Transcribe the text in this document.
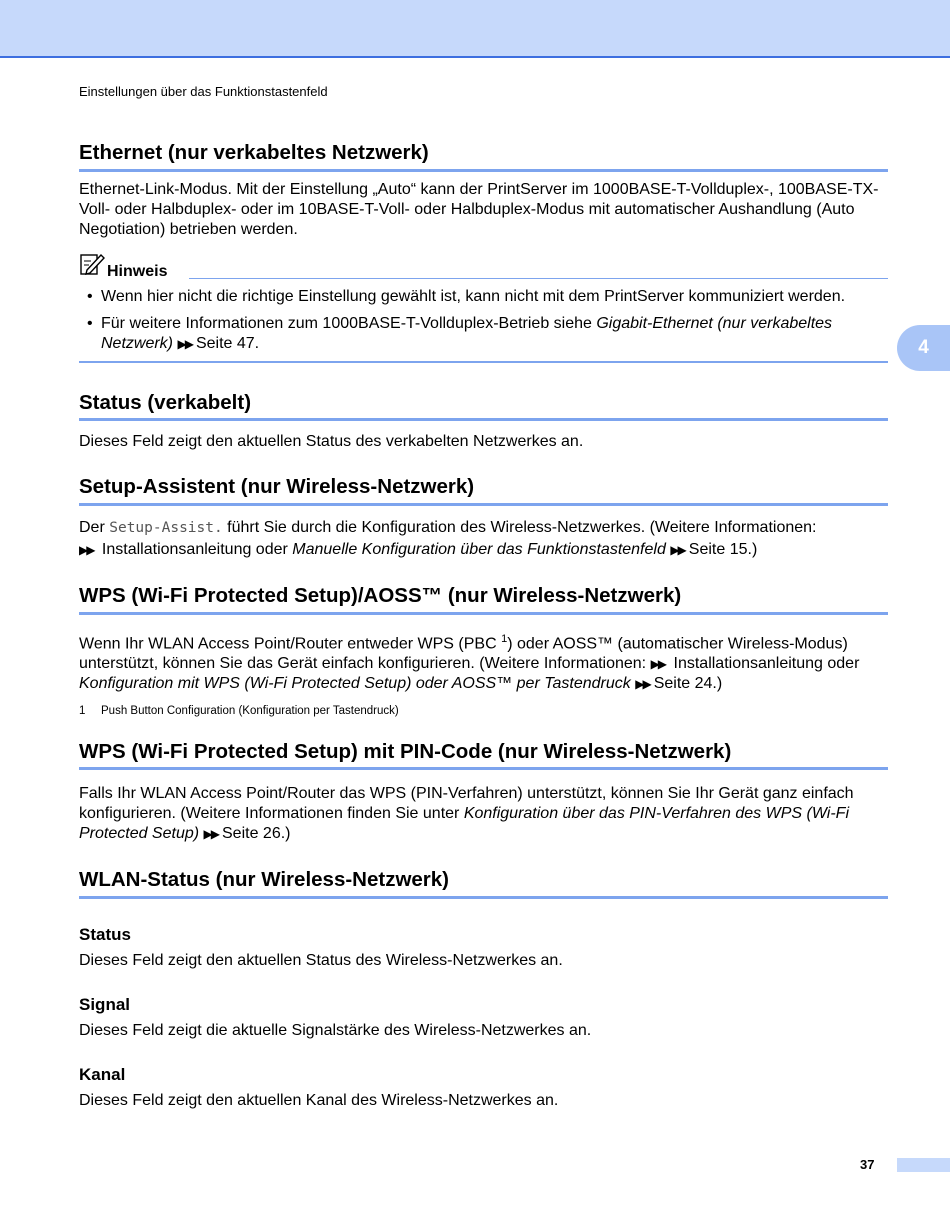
Einstellungen über das Funktionstastenfeld
4
Ethernet (nur verkabeltes Netzwerk)

Ethernet-Link-Modus. Mit der Einstellung „Auto“ kann der PrintServer im 1000BASE-T-Vollduplex-, 100BASE-TX-Voll- oder Halbduplex- oder im 10BASE-T-Voll- oder Halbduplex-Modus mit automatischer Aushandlung (Auto Negotiation) betrieben werden.

Hinweis
• Wenn hier nicht die richtige Einstellung gewählt ist, kann nicht mit dem PrintServer kommuniziert werden.
• Für weitere Informationen zum 1000BASE-T-Vollduplex-Betrieb siehe Gigabit-Ethernet (nur verkabeltes Netzwerk) ▶▶ Seite 47.
Status (verkabelt)

Dieses Feld zeigt den aktuellen Status des verkabelten Netzwerkes an.

Setup-Assistent (nur Wireless-Netzwerk)

Der Setup-Assist. führt Sie durch die Konfiguration des Wireless-Netzwerkes. (Weitere Informationen:
▶▶ Installationsanleitung oder Manuelle Konfiguration über das Funktionstastenfeld ▶▶ Seite 15.)

WPS (Wi-Fi Protected Setup)/AOSS™ (nur Wireless-Netzwerk)

Wenn Ihr WLAN Access Point/Router entweder WPS (PBC $^1$) oder AOSS™ (automatischer Wireless-Modus) unterstützt, können Sie das Gerät einfach konfigurieren. (Weitere Informationen: ▶▶ Installationsanleitung oder Konfiguration mit WPS (Wi-Fi Protected Setup) oder AOSS™ per Tastendruck ▶▶ Seite 24.)

1	Push Button Configuration (Konfiguration per Tastendruck)
WPS (Wi-Fi Protected Setup) mit PIN-Code (nur Wireless-Netzwerk)

Falls Ihr WLAN Access Point/Router das WPS (PIN-Verfahren) unterstützt, können Sie Ihr Gerät ganz einfach konfigurieren. (Weitere Informationen finden Sie unter Konfiguration über das PIN-Verfahren des WPS (Wi-Fi Protected Setup) ▶▶ Seite 26.)

WLAN-Status (nur Wireless-Netzwerk)
Status

Dieses Feld zeigt den aktuellen Status des Wireless-Netzwerkes an.

Signal

Dieses Feld zeigt die aktuelle Signalstärke des Wireless-Netzwerkes an.

Kanal

Dieses Feld zeigt den aktuellen Kanal des Wireless-Netzwerkes an.

37
